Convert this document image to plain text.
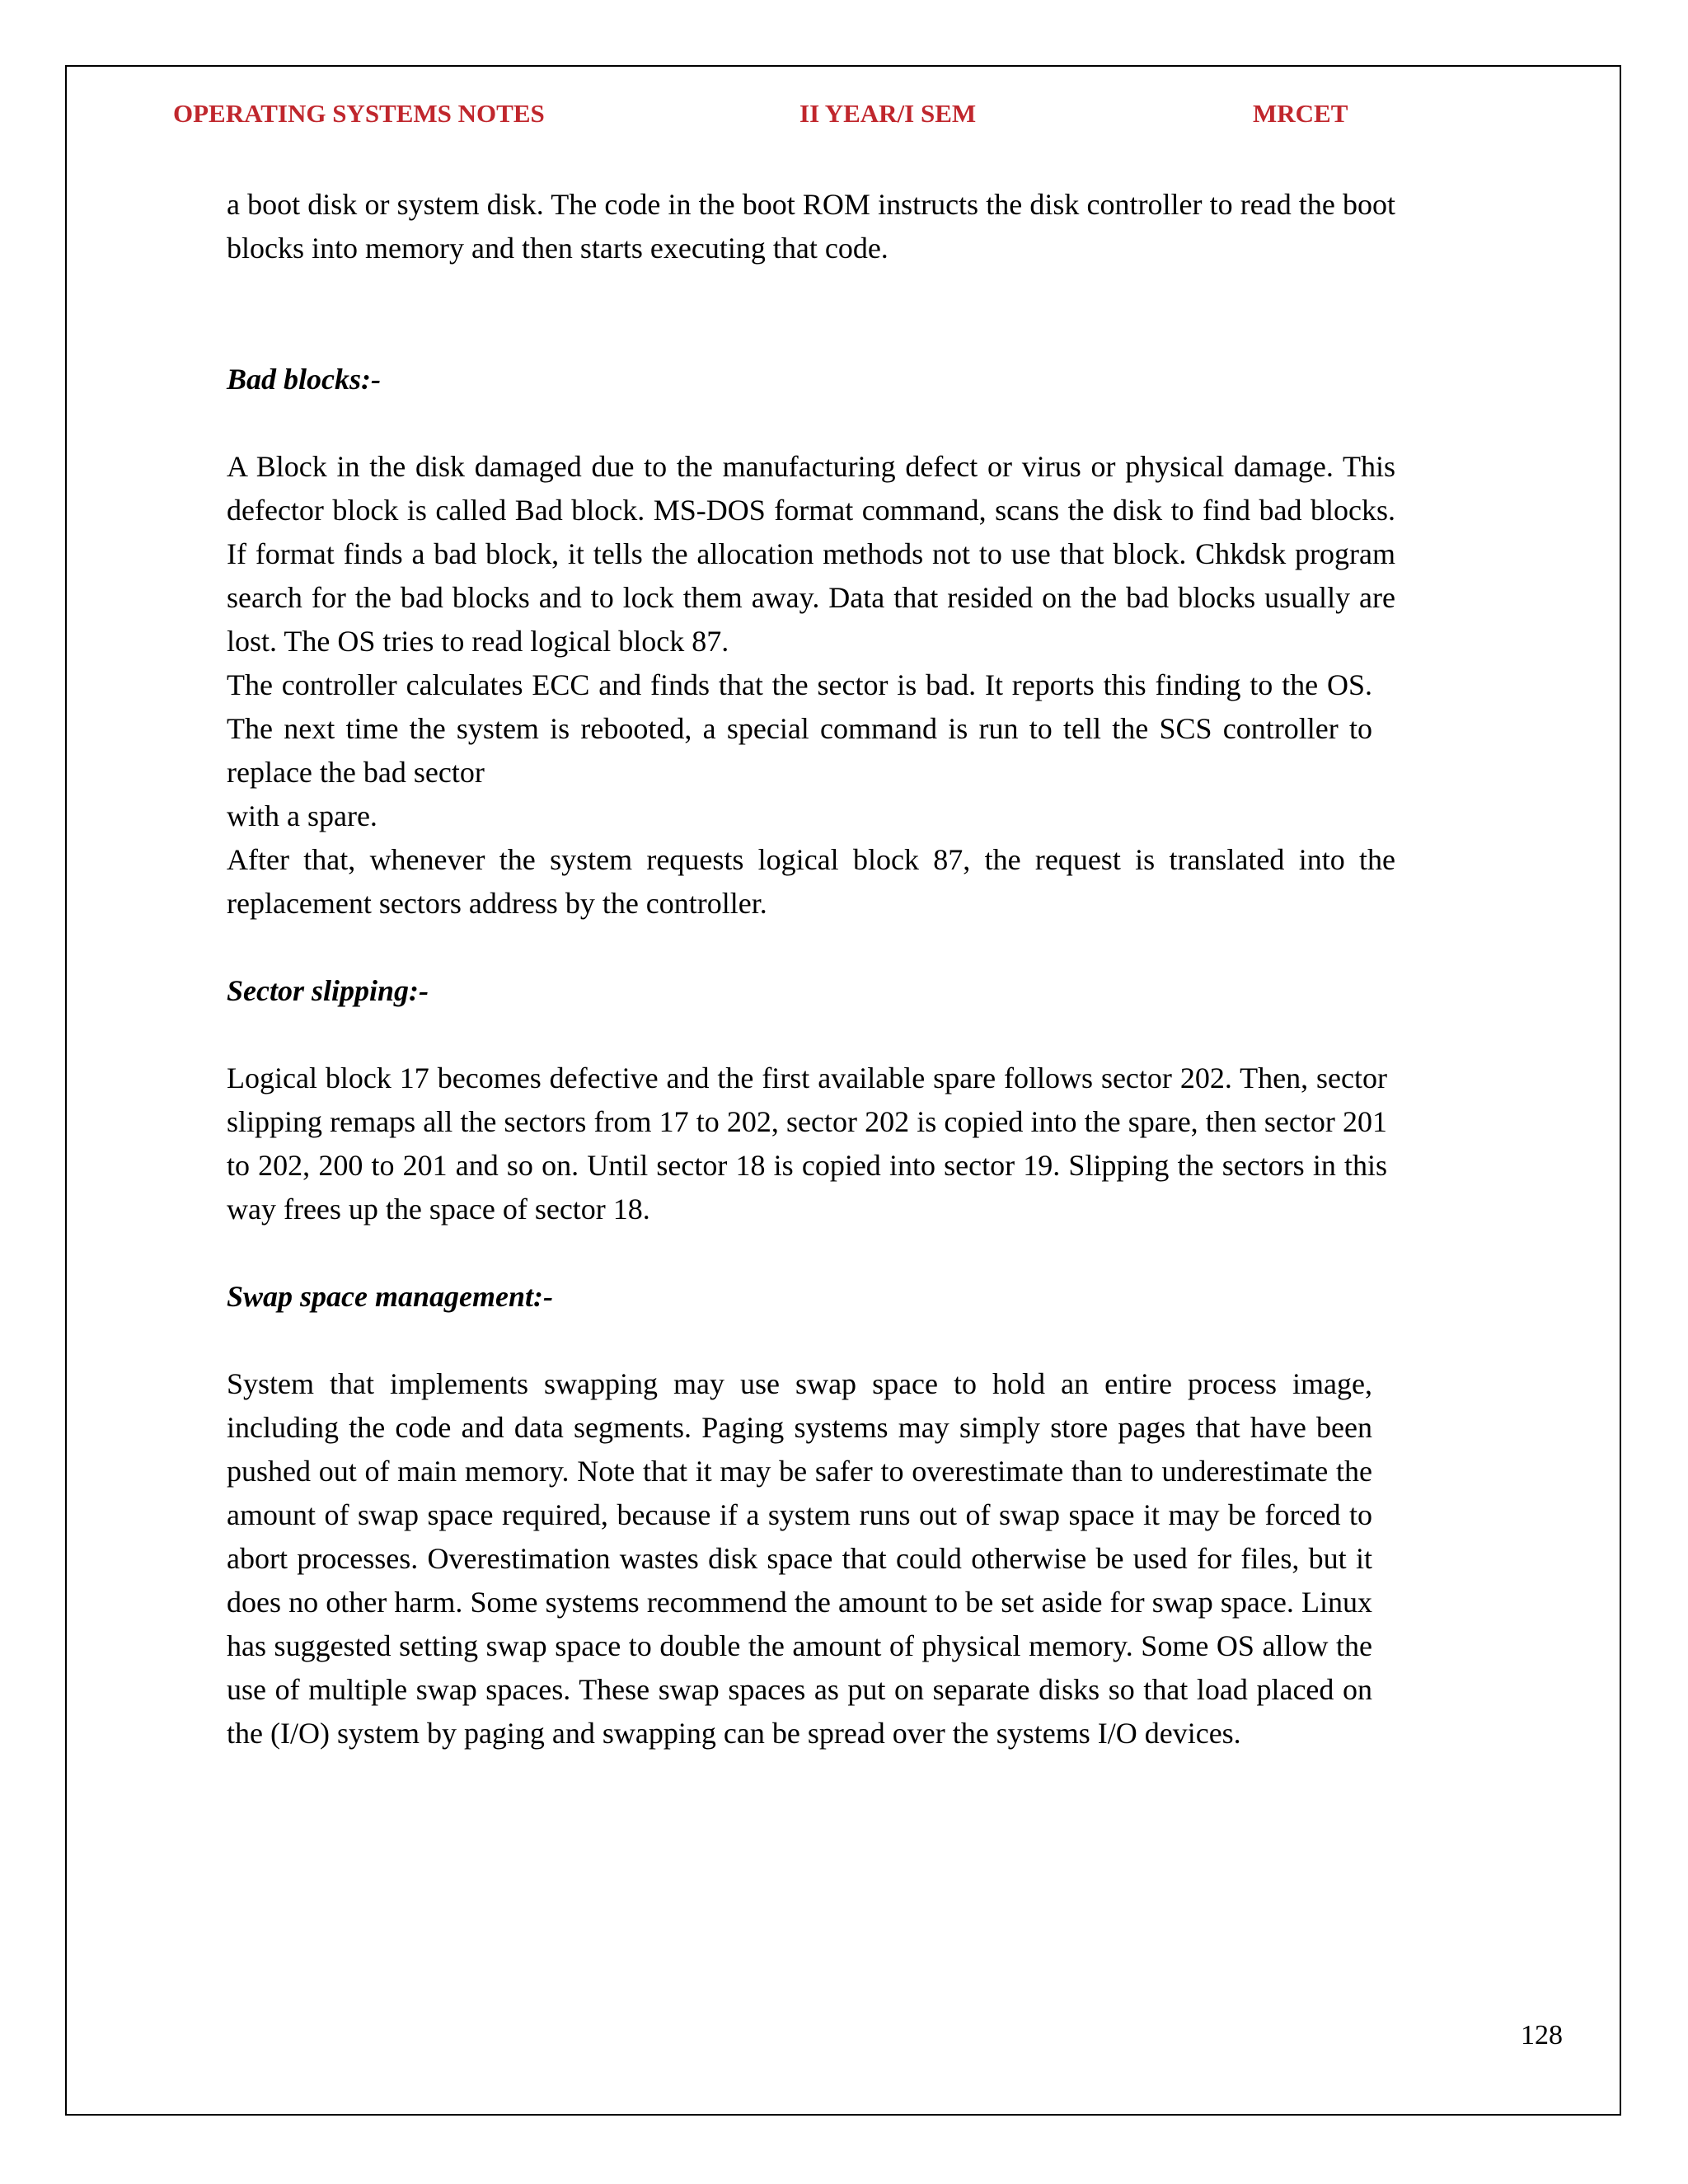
OPERATING SYSTEMS NOTES	II YEAR/I SEM	MRCET

a boot disk or system disk. The code in the boot ROM instructs the disk controller to read the boot blocks into memory and then starts executing that code.

Bad blocks:-

A Block in the disk damaged due to the manufacturing defect or virus or physical damage. This defector block is called Bad block. MS-DOS format command, scans the disk to find bad blocks. If format finds a bad block, it tells the allocation methods not to use that block. Chkdsk program search for the bad blocks and to lock them away. Data that resided on the bad blocks usually are lost. The OS tries to read logical block 87.

The controller calculates ECC and finds that the sector is bad. It reports this finding to the OS. The next time the system is rebooted, a special command is run to tell the SCS controller to replace the bad sector

with a spare.

After that, whenever the system requests logical block 87, the request is translated into the replacement sectors address by the controller.

Sector slipping:-

Logical block 17 becomes defective and the first available spare follows sector 202. Then, sector slipping remaps all the sectors from 17 to 202, sector 202 is copied into the spare, then sector 201 to 202, 200 to 201 and so on. Until sector 18 is copied into sector 19. Slipping the sectors in this way frees up the space of sector 18.

Swap space management:-

System that implements swapping may use swap space to hold an entire process image, including the code and data segments. Paging systems may simply store pages that have been pushed out of main memory. Note that it may be safer to overestimate than to underestimate the amount of swap space required, because if a system runs out of swap space it may be forced to abort processes. Overestimation wastes disk space that could otherwise be used for files, but it does no other harm. Some systems recommend the amount to be set aside for swap space. Linux has suggested setting swap space to double the amount of physical memory. Some OS allow the use of multiple swap spaces. These swap spaces as put on separate disks so that load placed on the (I/O) system by paging and swapping can be spread over the systems I/O devices.

128
